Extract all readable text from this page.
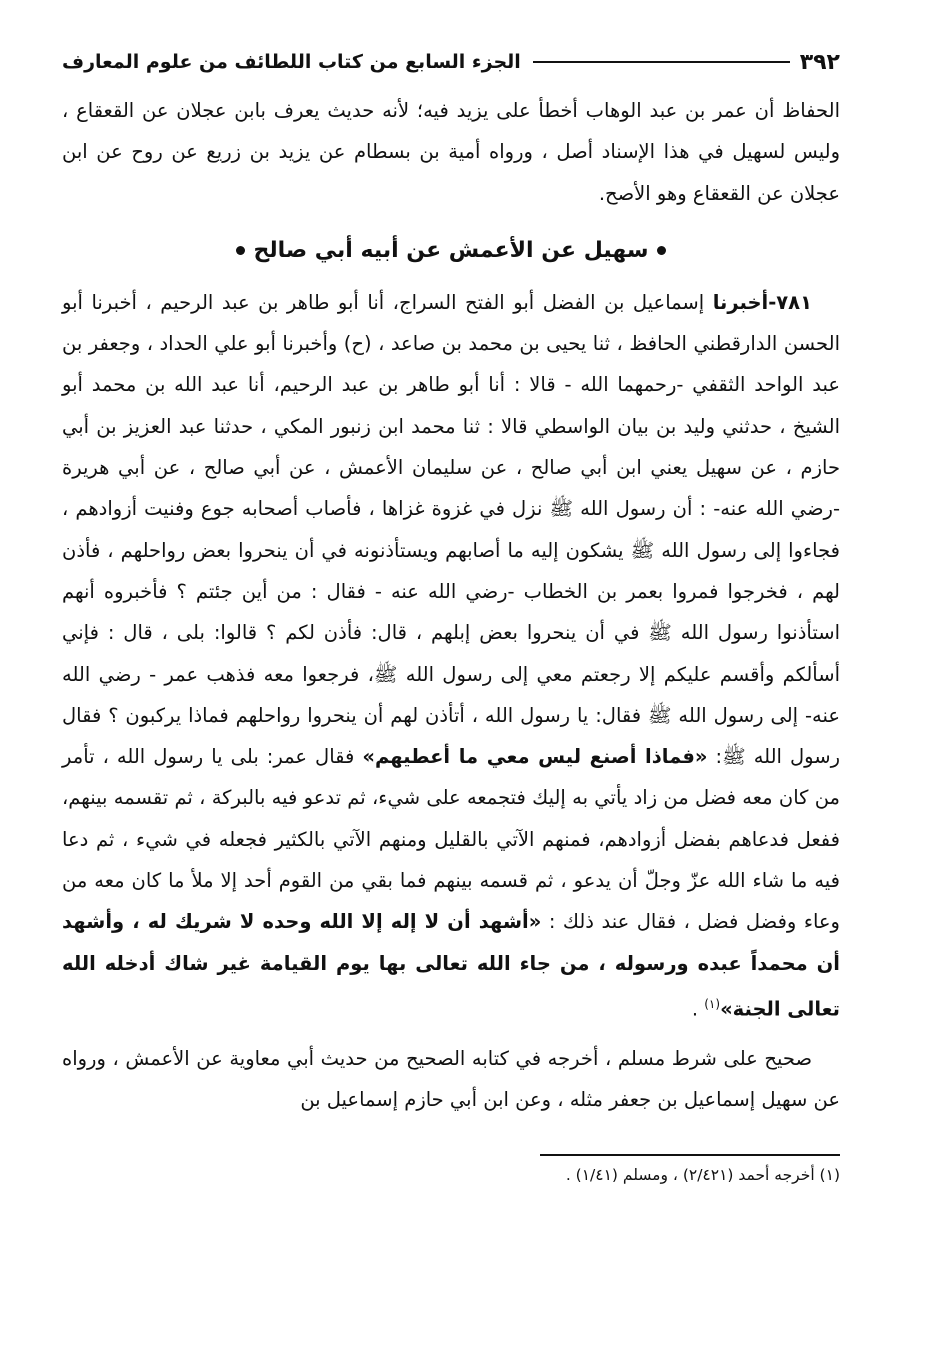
٣٩٢
الجزء السابع من كتاب اللطائف من علوم المعارف

الحفاظ أن عمر بن عبد الوهاب أخطأ على يزيد فيه؛ لأنه حديث يعرف بابن عجلان عن القعقاع ، وليس لسهيل في هذا الإسناد أصل ، ورواه أمية بن بسطام عن يزيد بن زريع عن روح عن ابن عجلان عن القعقاع وهو الأصح.

سهيل عن الأعمش عن أبيه أبي صالح

٧٨١-أخبرنا إسماعيل بن الفضل أبو الفتح السراج، أنا أبو طاهر بن عبد الرحيم ، أخبرنا أبو الحسن الدارقطني الحافظ ، ثنا يحيى بن محمد بن صاعد ، (ح) وأخبرنا أبو علي الحداد ، وجعفر بن عبد الواحد الثقفي -رحمهما الله - قالا : أنا أبو طاهر بن عبد الرحيم، أنا عبد الله بن محمد أبو الشيخ ، حدثني وليد بن بيان الواسطي قالا : ثنا محمد ابن زنبور المكي ، حدثنا عبد العزيز بن أبي حازم ، عن سهيل يعني ابن أبي صالح ، عن سليمان الأعمش ، عن أبي صالح ، عن أبي هريرة -رضي الله عنه- : أن رسول الله ﷺ نزل في غزوة غزاها ، فأصاب أصحابه جوع وفنيت أزوادهم ، فجاءوا إلى رسول الله ﷺ يشكون إليه ما أصابهم ويستأذنونه في أن ينحروا بعض رواحلهم ، فأذن لهم ، فخرجوا فمروا بعمر بن الخطاب -رضي الله عنه - فقال : من أين جئتم ؟ فأخبروه أنهم استأذنوا رسول الله ﷺ في أن ينحروا بعض إبلهم ، قال: فأذن لكم ؟ قالوا: بلى ، قال : فإني أسألكم وأقسم عليكم إلا رجعتم معي إلى رسول الله ﷺ، فرجعوا معه فذهب عمر - رضي الله عنه- إلى رسول الله ﷺ فقال: يا رسول الله ، أتأذن لهم أن ينحروا رواحلهم فماذا يركبون ؟ فقال رسول الله ﷺ: «فماذا أصنع ليس معي ما أعطيهم» فقال عمر: بلى يا رسول الله ، تأمر من كان معه فضل من زاد يأتي به إليك فتجمعه على شيء، ثم تدعو فيه بالبركة ، ثم تقسمه بينهم، ففعل فدعاهم بفضل أزوادهم، فمنهم الآتي بالقليل ومنهم الآتي بالكثير فجعله في شيء ، ثم دعا فيه ما شاء الله عزّ وجلّ أن يدعو ، ثم قسمه بينهم فما بقي من القوم أحد إلا ملأ ما كان معه من وعاء وفضل فضل ، فقال عند ذلك : «أشهد أن لا إله إلا الله وحده لا شريك له ، وأشهد أن محمداً عبده ورسوله ، من جاء الله تعالى بها يوم القيامة غير شاك أدخله الله تعالى الجنة»$^{(١)}$ .

صحيح على شرط مسلم ، أخرجه في كتابه الصحيح من حديث أبي معاوية عن الأعمش ، ورواه عن سهيل إسماعيل بن جعفر مثله ، وعن ابن أبي حازم إسماعيل بن

(١) أخرجه أحمد (٢/٤٢١) ، ومسلم (١/٤١) .
